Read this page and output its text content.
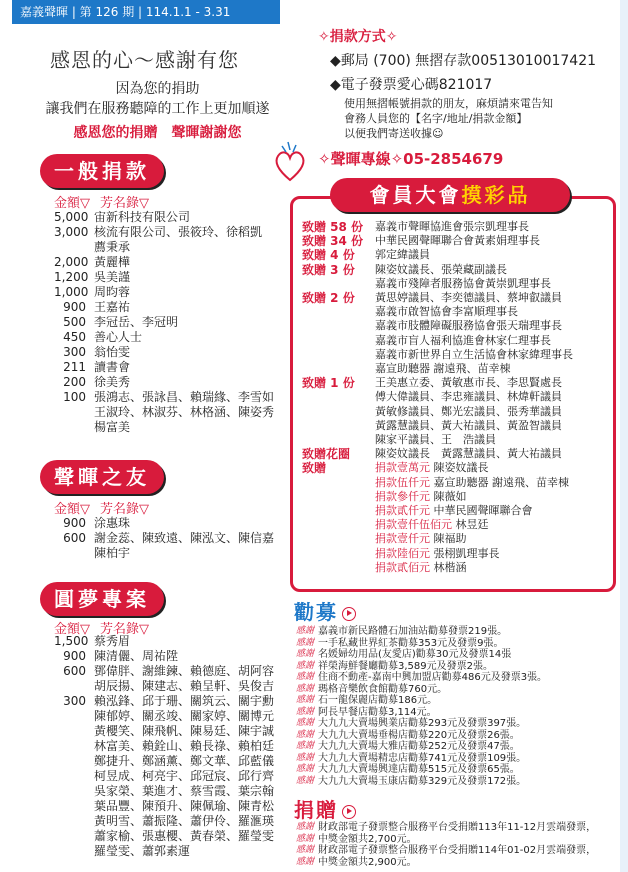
嘉義聲暉 | 第 126 期 | 114.1.1 - 3.31
感恩的心～感謝有您
因為您的捐助
讓我們在服務聽障的工作上更加順遂
感恩您的捐贈　聲暉謝謝您
一般捐款
金額▽ 芳名錄▽
5,000 宙新科技有限公司
3,000 核流有限公司、張筱玲、徐稻凱
薦秉承
2,000 黃麗樺
1,200 吳美謹
1,000 周昀蓉
900 王嘉祐
500 李冠岳、李冠明
450 善心人士
300 翁怡雯
211 讀書會
200 徐美秀
100 張鴻志、張詠昌、賴瑞緣、李雪如
王淑玲、林淑芬、林格涵、陳姿秀
楊富美
聲暉之友
金額▽ 芳名錄▽
900 涂惠珠
600 謝金蕊、陳致遠、陳泓文、陳信嘉
陳柏宇
圓夢專案
金額▽ 芳名錄▽
1,500 蔡秀眉
900 陳清儷、周祐陞
600 鄧偉胖、謝維鍊、賴德庭、胡阿容
胡辰揚、陳建志、賴呈軒、吳俊吉
300 賴泓鋒、邱于珊、關筑云、關宇勳
陳郁婷、關丞竣、關家婷、關博元
黃櫻笑、陳飛帆、陳易廷、陳宇誠
林富美、賴銓山、賴長祿、賴柏廷
鄭捷升、鄭涵薰、鄭文華、邱藍儀
柯昱成、柯亮宇、邱冠宸、邱行齊
吳家榮、葉進才、蔡雪霞、葉宗翰
葉品豐、陳預升、陳佩瑜、陳青松
黃明雪、蕭振隆、蕭伊伶、羅滙瑛
蕭家榆、張惠櫻、黃春榮、羅瑩雯
羅瑩雯、蕭郭素運
✧捐款方式✧
◆郵局 (700) 無摺存款00513010017421
◆電子發票愛心碼821017
使用無摺帳號捐款的朋友，麻煩請來電告知
會務人員您的【名字/地址/捐款金額】
以便我們寄送收據☺
✧聲暉專線✧05-2854679
會員大會摸彩品
致贈 58 份	嘉義市聲暉協進會張宗凱理事長
致贈 34 份	中華民國聲暉聯合會黃素娟理事長
致贈 4 份	郭定緯議員
致贈 3 份	陳姿妏議長、張榮藏副議長
嘉義市殘障者服務協會黃崇凱理事長
致贈 2 份	黃思婷議員、李奕德議員、蔡坤叡議員
嘉義市啟智協會李富順理事長
嘉義市肢體障礙服務協會張天瑞理事長
嘉義市盲人福利協進會林家仁理事長
嘉義市新世界自立生活協會林家緯理事長
嘉宣助聽器 謝遠飛、苗幸棟
致贈 1 份	王美惠立委、黃敏惠市長、李思賢處長
傅大偉議員、李忠雍議員、林煒軒議員
黃敏修議員、鄭光宏議員、張秀華議員
黃露慧議員、黃大祐議員、黃盈智議員
陳家平議員、王　浩議員
致贈花圈	陳姿妏議長　黃露慧議員、黃大祐議員
致贈	捐款壹萬元 陳姿妏議長
捐款伍仟元 嘉宣助聽器 謝遠飛、苗幸棟
捐款參仟元 陳薇如
捐款貳仟元 中華民國聲暉聯合會
捐款壹仟伍佰元 林昱廷
捐款壹仟元 陳福助
捐款陸佰元 張栩凱理事長
捐款貳佰元 林楷涵
勸募
感謝 嘉義市新民路體石加油站勸募發票219張。
感謝 一手私藏世界紅茶勸募353元及發票9張。
感謝 名媛婦幼用品(友愛店)勸募30元及發票14張
感謝 祥榮海鮮餐廳勸募3,589元及發票2張。
感謝 住商不動產-嘉南中興加盟店勸募486元及發票3張。
感謝 瑪格音樂飲食館勸募760元。
感謝 石一龍保麗店勸募186元。
感謝 阿長早餐店勸募3,114元。
感謝 大九九大賣場興業店勸募293元及發票397張。
感謝 大九九大賣場垂楊店勸募220元及發票26張。
感謝 大九九大賣場大雅店勸募252元及發票47張。
感謝 大九九大賣場精忠店勸募741元及發票109張。
感謝 大九九大賣場興達店勸募515元及發票65張。
感謝 大九九大賣場玉康店勸募329元及發票172張。
捐贈
感謝 財政部電子發票整合服務平台受捐贈113年11-12月雲端發票，
感謝 中獎金額共2,700元。
感謝 財政部電子發票整合服務平台受捐贈114年01-02月雲端發票，
感謝 中獎金額共2,900元。
